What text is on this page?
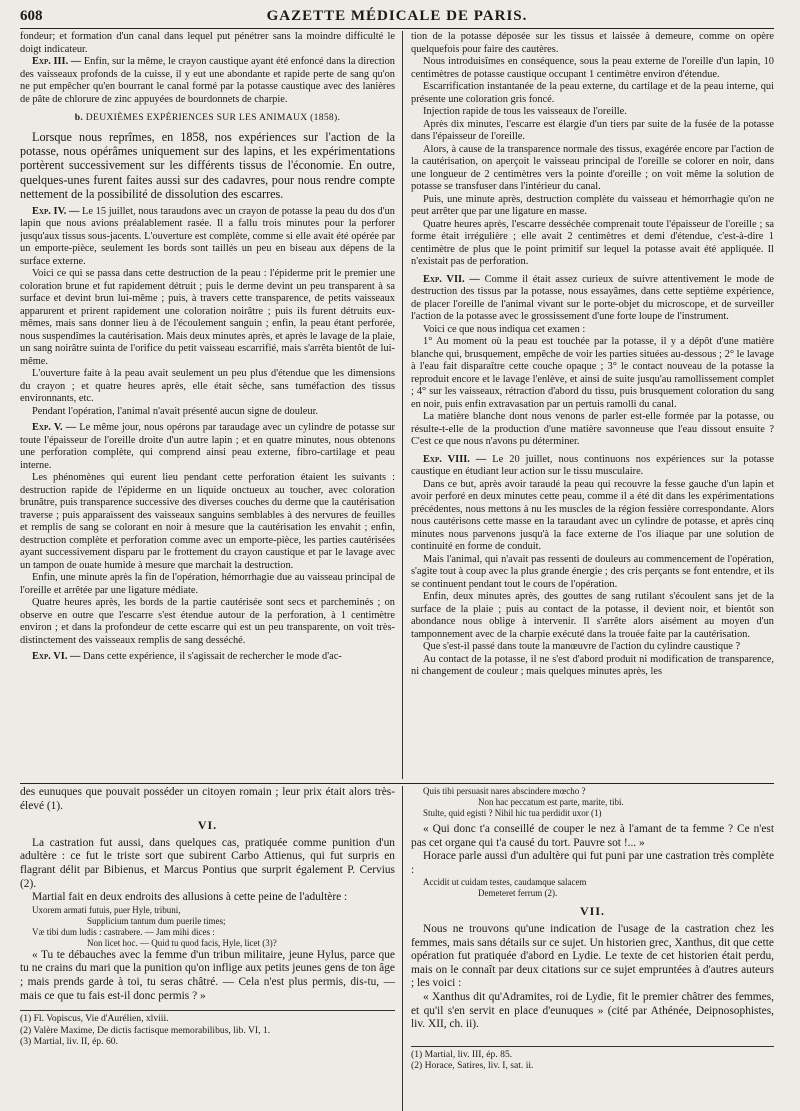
608	GAZETTE MÉDICALE DE PARIS.

fondeur; et formation d'un canal dans lequel put pénétrer sans la moindre difficulté le doigt indicateur.

Exp. III. — Enfin, sur la même, le crayon caustique ayant été enfoncé dans la direction des vaisseaux profonds de la cuisse, il y eut une abondante et rapide perte de sang qu'on ne put empêcher qu'en bourrant le canal formé par la potasse caustique avec des lanières de pâte de chlorure de zinc appuyées de bourdonnets de charpie.

b. DEUXIÈMES EXPÉRIENCES SUR LES ANIMAUX (1858).

Lorsque nous reprîmes, en 1858, nos expériences sur l'action de la potasse, nous opérâmes uniquement sur des lapins, et les expérimentations portèrent successivement sur les différents tissus de l'économie. En outre, quelques-unes furent faites aussi sur des cadavres, pour nous rendre compte nettement de la possibilité de dissolution des escarres.

Exp. IV. — Le 15 juillet, nous taraudons avec un crayon de potasse la peau du dos d'un lapin que nous avions préalablement rasée. Il a fallu trois minutes pour la perforer jusqu'aux tissus sous-jacents. L'ouverture est complète, comme si elle avait été opérée par un emporte-pièce, seulement les bords sont taillés un peu en biseau aux dépens de la surface externe.

Voici ce qui se passa dans cette destruction de la peau : l'épiderme prit le premier une coloration brune et fut rapidement détruit ; puis le derme devint un peu transparent à sa surface et devint brun lui-même ; puis, à travers cette transparence, de petits vaisseaux apparurent et prirent rapidement une coloration noirâtre ; puis ils furent détruits eux-mêmes, mais sans donner lieu à de l'écoulement sanguin ; enfin, la peau étant perforée, nous suspendîmes la cautérisation. Mais deux minutes après, et après le lavage de la plaie, un sang noirâtre suinta de l'orifice du petit vaisseau escarrifié, mais s'arrêta bientôt de lui-même.

L'ouverture faite à la peau avait seulement un peu plus d'étendue que les dimensions du crayon ; et quatre heures après, elle était sèche, sans tuméfaction des tissus environnants, etc.

Pendant l'opération, l'animal n'avait présenté aucun signe de douleur.

Exp. V. — Le même jour, nous opérons par taraudage avec un cylindre de potasse sur toute l'épaisseur de l'oreille droite d'un autre lapin ; et en quatre minutes, nous obtenons une perforation complète, qui comprend ainsi peau externe, fibro-cartilage et peau interne.

Les phénomènes qui eurent lieu pendant cette perforation étaient les suivants : destruction rapide de l'épiderme en un liquide onctueux au toucher, avec coloration brunâtre, puis transparence successive des diverses couches du derme que la cautérisation traverse ; puis apparaissent des vaisseaux sanguins semblables à des nervures de feuilles et remplis de sang se colorant en noir à mesure que la cautérisation les envahit ; enfin, destruction complète et perforation comme avec un emporte-pièce, les parties cautérisées ayant successivement disparu par le frottement du crayon caustique et par le lavage avec un tampon de ouate humide à mesure que marchait la destruction.

Enfin, une minute après la fin de l'opération, hémorrhagie due au vaisseau principal de l'oreille et arrêtée par une ligature médiate.

Quatre heures après, les bords de la partie cautérisée sont secs et parcheminés ; on observe en outre que l'escarre s'est étendue autour de la perforation, à 1 centimètre environ ; et dans la profondeur de cette escarre qui est un peu transparente, on voit très-distinctement des vaisseaux remplis de sang desséché.

Exp. VI. — Dans cette expérience, il s'agissait de rechercher le mode d'ac-

tion de la potasse déposée sur les tissus et laissée à demeure, comme on opère quelquefois pour faire des cautères.

Nous introduisîmes en conséquence, sous la peau externe de l'oreille d'un lapin, 10 centimètres de potasse caustique occupant 1 centimètre environ d'étendue.

Escarrification instantanée de la peau externe, du cartilage et de la peau interne, qui présente une coloration gris foncé.

Injection rapide de tous les vaisseaux de l'oreille.

Après dix minutes, l'escarre est élargie d'un tiers par suite de la fusée de la potasse dans l'épaisseur de l'oreille.

Alors, à cause de la transparence normale des tissus, exagérée encore par l'action de la cautérisation, on aperçoit le vaisseau principal de l'oreille se colorer en noir, dans une longueur de 2 centimètres vers la pointe d'oreille ; on voit même la solution de potasse se transfuser dans l'intérieur du canal.

Puis, une minute après, destruction complète du vaisseau et hémorrhagie qu'on ne peut arrêter que par une ligature en masse.

Quatre heures après, l'escarre desséchée comprenait toute l'épaisseur de l'oreille ; sa forme était irrégulière ; elle avait 2 centimètres et demi d'étendue, c'est-à-dire 1 centimètre de plus que le point primitif sur lequel la potasse avait été appliquée. Il n'existait pas de perforation.

Exp. VII. — Comme il était assez curieux de suivre attentivement le mode de destruction des tissus par la potasse, nous essayâmes, dans cette septième expérience, de placer l'oreille de l'animal vivant sur le porte-objet du microscope, et de surveiller l'action de la potasse avec le grossissement d'une forte loupe de l'instrument.

Voici ce que nous indiqua cet examen :

1° Au moment où la peau est touchée par la potasse, il y a dépôt d'une matière blanche qui, brusquement, empêche de voir les parties situées au-dessous ; 2° le lavage à l'eau fait disparaître cette couche opaque ; 3° le contact nouveau de la potasse la reproduit encore et le lavage l'enlève, et ainsi de suite jusqu'au ramollissement complet ; 4° sur les vaisseaux, rétraction d'abord du tissu, puis brusquement coloration du sang en noir, puis enfin extravasation par un pertuis ramolli du canal.

La matière blanche dont nous venons de parler est-elle formée par la potasse, ou résulte-t-elle de la production d'une matière savonneuse que l'eau dissout ensuite ? C'est ce que nous n'avons pu déterminer.

Exp. VIII. — Le 20 juillet, nous continuons nos expériences sur la potasse caustique en étudiant leur action sur le tissu musculaire.

Dans ce but, après avoir taraudé la peau qui recouvre la fesse gauche d'un lapin et avoir perforé en deux minutes cette peau, comme il a été dit dans les expérimentations précédentes, nous mettons à nu les muscles de la région fessière correspondante. Alors nous cautérisons cette masse en la taraudant avec un cylindre de potasse, et après cinq minutes nous parvenons jusqu'à la face externe de l'os iliaque par une solution de continuité en forme de conduit.

Mais l'animal, qui n'avait pas ressenti de douleurs au commencement de l'opération, s'agite tout à coup avec la plus grande énergie ; des cris perçants se font entendre, et ils se continuent pendant tout le cours de l'opération.

Enfin, deux minutes après, des gouttes de sang rutilant s'écoulent sans jet de la surface de la plaie ; puis au contact de la potasse, il devient noir, et bientôt son abondance nous oblige à intervenir. Il s'arrête alors aisément au moyen d'un tamponnement avec de la charpie exécuté dans la trouée faite par la cautérisation.

Que s'est-il passé dans toute la manœuvre de l'action du cylindre caustique ?

Au contact de la potasse, il ne s'est d'abord produit ni modification de transparence, ni changement de couleur ; mais quelques minutes après, les

des eunuques que pouvait posséder un citoyen romain ; leur prix était alors très-élevé (1).

VI.

La castration fut aussi, dans quelques cas, pratiquée comme punition d'un adultère : ce fut le triste sort que subirent Carbo Attienus, qui fut surpris en flagrant délit par Bibienus, et Marcus Pontius que surprit également P. Cervius (2).

Martial fait en deux endroits des allusions à cette peine de l'adultère :

Uxorem armati futuis, puer Hyle, tribuni,

Supplicium tantum dum puerile times;

Væ tibi dum ludis : castrabere. — Jam mihi dices :

Non licet hoc. — Quid tu quod facis, Hyle, licet (3)?

« Tu te débauches avec la femme d'un tribun militaire, jeune Hylus, parce que tu ne crains du mari que la punition qu'on inflige aux petits jeunes gens de ton âge ; mais prends garde à toi, tu seras châtré. — Cela n'est plus permis, dis-tu, — mais ce que tu fais est-il donc permis ? »

(1) Fl. Vopiscus, Vie d'Aurélien, xlviii.
(2) Valère Maxime, De dictis factisque memorabilibus, lib. VI, 1.
(3) Martial, liv. II, ép. 60.

Quis tibi persuasit nares abscindere mœcho ?

Non hac peccatum est parte, marite, tibi.

Stulte, quid egisti ? Nihil hic tua perdidit uxor (1)

« Qui donc t'a conseillé de couper le nez à l'amant de ta femme ? Ce n'est pas cet organe qui t'a causé du tort. Pauvre sot !... »

Horace parle aussi d'un adultère qui fut puni par une castration très complète :

Accidit ut cuidam testes, caudamque salacem

Demeteret ferrum (2).

VII.

Nous ne trouvons qu'une indication de l'usage de la castration chez les femmes, mais sans détails sur ce sujet. Un historien grec, Xanthus, dit que cette opération fut pratiquée d'abord en Lydie. Le texte de cet historien était perdu, mais on le connaît par deux citations sur ce sujet empruntées à d'autres auteurs ; les voici :

« Xanthus dit qu'Adramites, roi de Lydie, fit le premier châtrer des femmes, et qu'il s'en servit en place d'eunuques » (cité par Athénée, Deipnosophistes, liv. XII, ch. ii).

(1) Martial, liv. III, ép. 85.
(2) Horace, Satires, liv. I, sat. ii.
